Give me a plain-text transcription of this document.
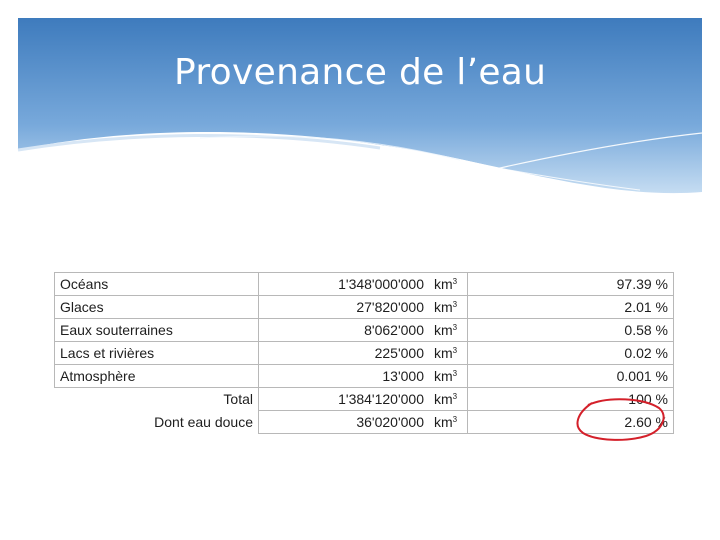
Provenance de l’eau
Océans	1'348'000'000	$km^3$	97.39 %
Glaces	27'820'000	$km^3$	2.01 %
Eaux souterraines	8'062'000	$km^3$	0.58 %
Lacs et rivières	225'000	$km^3$	0.02 %
Atmosphère	13'000	$km^3$	0.001 %
Total	1'384'120'000	$km^3$	100 %
Dont eau douce	36'020'000	$km^3$	2.60 %
